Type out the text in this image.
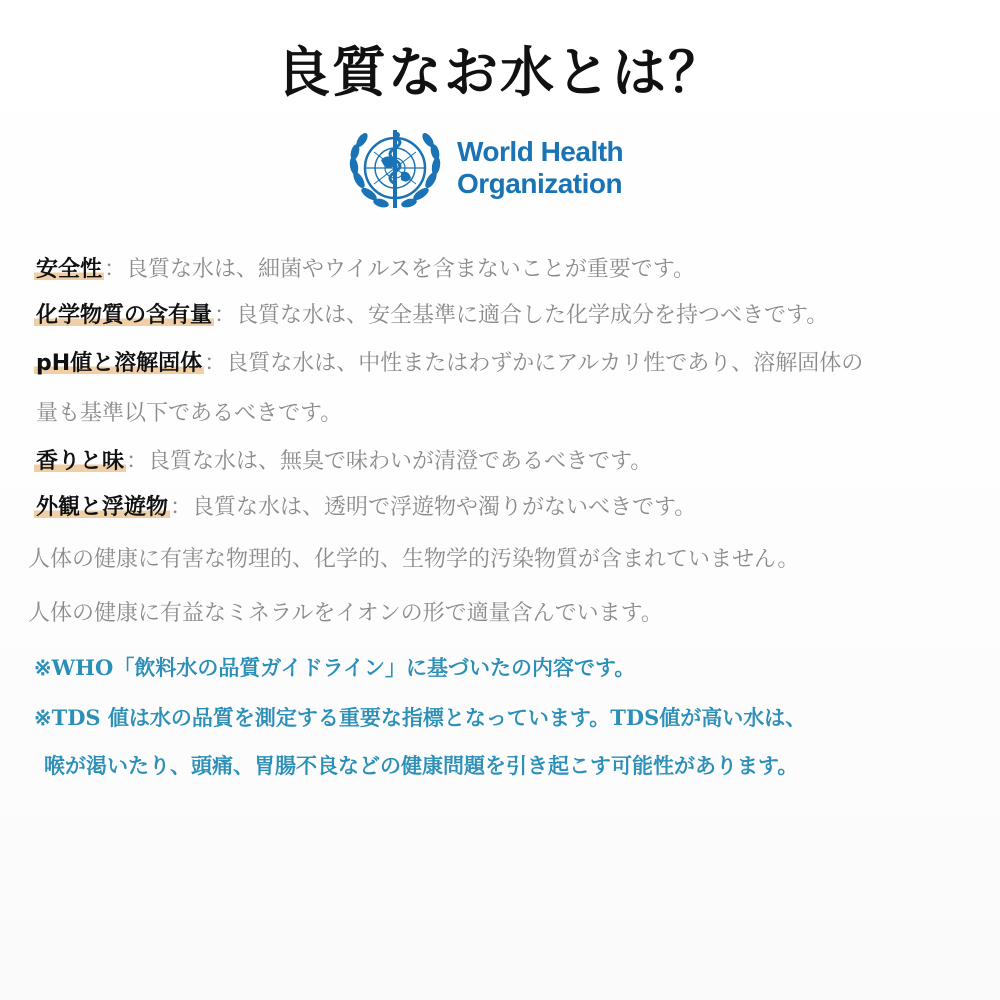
良質なお水とは？
World Health
Organization
安全性：良質な水は、細菌やウイルスを含まないことが重要です。
化学物質の含有量：良質な水は、安全基準に適合した化学成分を持つべきです。
pH値と溶解固体：良質な水は、中性またはわずかにアルカリ性であり、溶解固体の
量も基準以下であるべきです。
香りと味：良質な水は、無臭で味わいが清澄であるべきです。
外観と浮遊物：良質な水は、透明で浮遊物や濁りがないべきです。
人体の健康に有害な物理的、化学的、生物学的汚染物質が含まれていません。
人体の健康に有益なミネラルをイオンの形で適量含んでいます。
※WHO「飲料水の品質ガイドライン」に基づいたの内容です。
※TDS 値は水の品質を測定する重要な指標となっています。TDS値が高い水は、
喉が渇いたり、頭痛、胃腸不良などの健康問題を引き起こす可能性があります。
